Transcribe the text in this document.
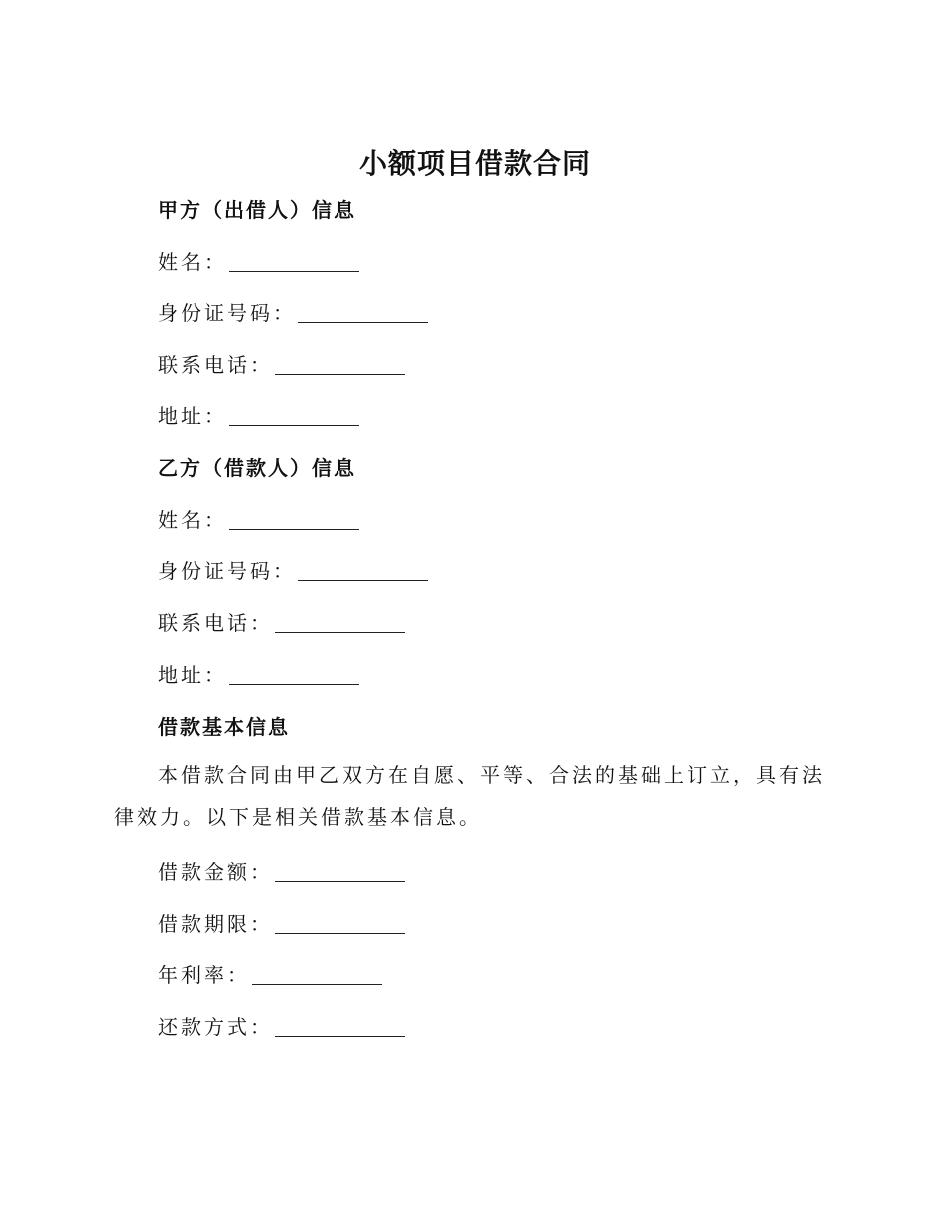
小额项目借款合同
甲方（出借人）信息
姓名：
身份证号码：
联系电话：
地址：
乙方（借款人）信息
姓名：
身份证号码：
联系电话：
地址：
借款基本信息
本借款合同由甲乙双方在自愿、平等、合法的基础上订立，具有法律效力。以下是相关借款基本信息。
借款金额：
借款期限：
年利率：
还款方式：
